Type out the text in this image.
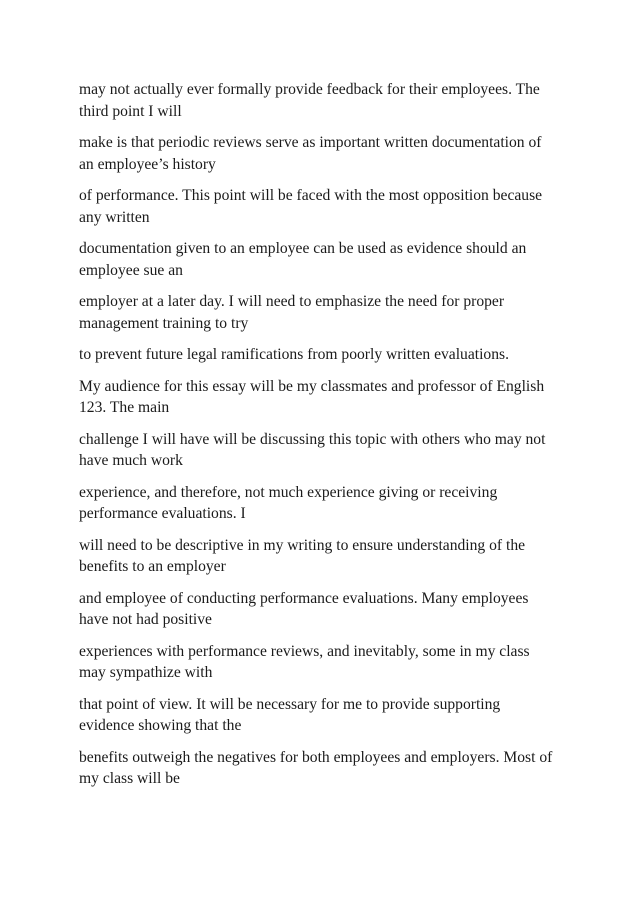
may not actually ever formally provide feedback for their employees. The third point I will

make is that periodic reviews serve as important written documentation of an employee’s history

of performance. This point will be faced with the most opposition because any written

documentation given to an employee can be used as evidence should an employee sue an

employer at a later day. I will need to emphasize the need for proper management training to try

to prevent future legal ramifications from poorly written evaluations.

My audience for this essay will be my classmates and professor of English 123. The main

challenge I will have will be discussing this topic with others who may not have much work

experience, and therefore, not much experience giving or receiving performance evaluations. I

will need to be descriptive in my writing to ensure understanding of the benefits to an employer

and employee of conducting performance evaluations. Many employees have not had positive

experiences with performance reviews, and inevitably, some in my class may sympathize with

that point of view. It will be necessary for me to provide supporting evidence showing that the

benefits outweigh the negatives for both employees and employers. Most of my class will be
